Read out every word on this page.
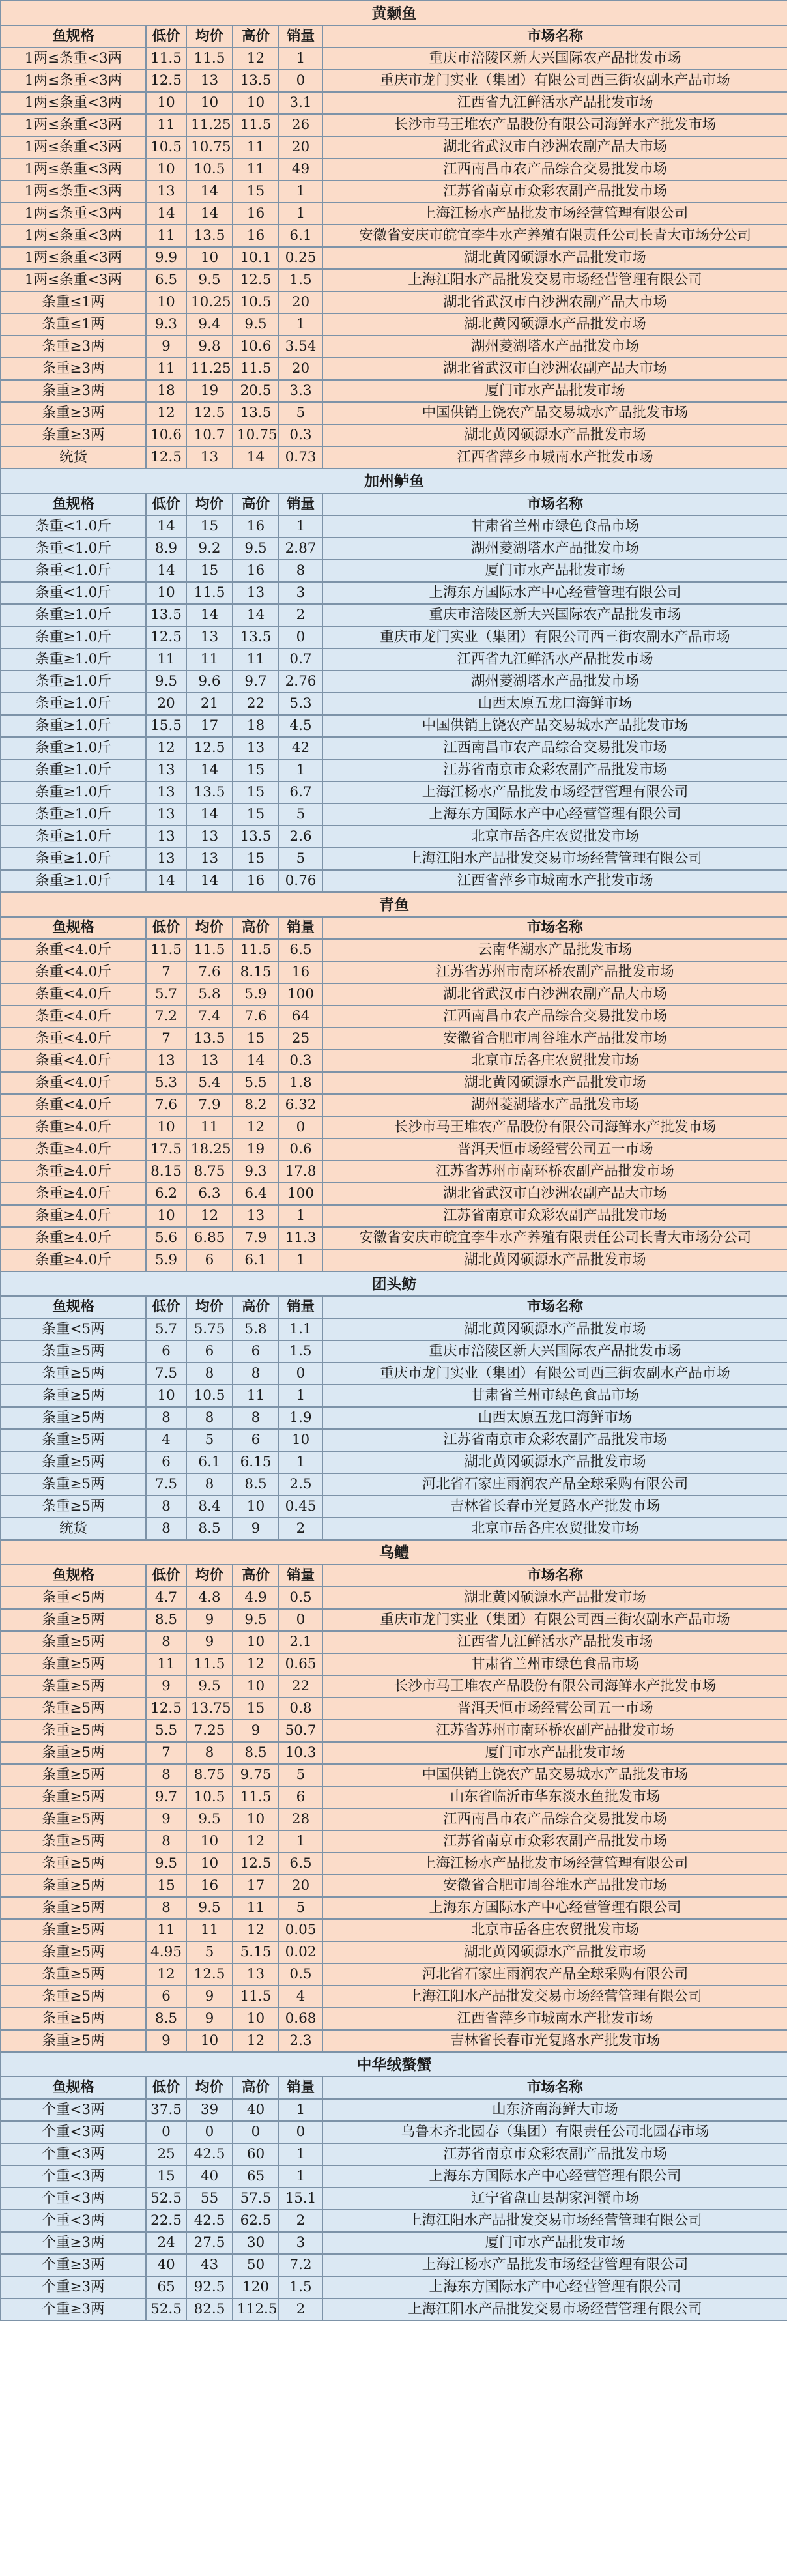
黄颡鱼					
鱼规格	低价	均价	高价	销量	市场名称
1两≤条重<3两	11.5	11.5	12	1	重庆市涪陵区新大兴国际农产品批发市场
1两≤条重<3两	12.5	13	13.5	0	重庆市龙门实业（集团）有限公司西三街农副水产品市场
1两≤条重<3两	10	10	10	3.1	江西省九江鲜活水产品批发市场
1两≤条重<3两	11	11.25	11.5	26	长沙市马王堆农产品股份有限公司海鲜水产批发市场
1两≤条重<3两	10.5	10.75	11	20	湖北省武汉市白沙洲农副产品大市场
1两≤条重<3两	10	10.5	11	49	江西南昌市农产品综合交易批发市场
1两≤条重<3两	13	14	15	1	江苏省南京市众彩农副产品批发市场
1两≤条重<3两	14	14	16	1	上海江杨水产品批发市场经营管理有限公司
1两≤条重<3两	11	13.5	16	6.1	安徽省安庆市皖宜李牛水产养殖有限责任公司长青大市场分公司
1两≤条重<3两	9.9	10	10.1	0.25	湖北黄冈硕源水产品批发市场
1两≤条重<3两	6.5	9.5	12.5	1.5	上海江阳水产品批发交易市场经营管理有限公司
条重≤1两	10	10.25	10.5	20	湖北省武汉市白沙洲农副产品大市场
条重≤1两	9.3	9.4	9.5	1	湖北黄冈硕源水产品批发市场
条重≥3两	9	9.8	10.6	3.54	湖州菱湖塔水产品批发市场
条重≥3两	11	11.25	11.5	20	湖北省武汉市白沙洲农副产品大市场
条重≥3两	18	19	20.5	3.3	厦门市水产品批发市场
条重≥3两	12	12.5	13.5	5	中国供销上饶农产品交易城水产品批发市场
条重≥3两	10.6	10.7	10.75	0.3	湖北黄冈硕源水产品批发市场
统货	12.5	13	14	0.73	江西省萍乡市城南水产批发市场
加州鲈鱼					
鱼规格	低价	均价	高价	销量	市场名称
条重<1.0斤	14	15	16	1	甘肃省兰州市绿色食品市场
条重<1.0斤	8.9	9.2	9.5	2.87	湖州菱湖塔水产品批发市场
条重<1.0斤	14	15	16	8	厦门市水产品批发市场
条重<1.0斤	10	11.5	13	3	上海东方国际水产中心经营管理有限公司
条重≥1.0斤	13.5	14	14	2	重庆市涪陵区新大兴国际农产品批发市场
条重≥1.0斤	12.5	13	13.5	0	重庆市龙门实业（集团）有限公司西三街农副水产品市场
条重≥1.0斤	11	11	11	0.7	江西省九江鲜活水产品批发市场
条重≥1.0斤	9.5	9.6	9.7	2.76	湖州菱湖塔水产品批发市场
条重≥1.0斤	20	21	22	5.3	山西太原五龙口海鲜市场
条重≥1.0斤	15.5	17	18	4.5	中国供销上饶农产品交易城水产品批发市场
条重≥1.0斤	12	12.5	13	42	江西南昌市农产品综合交易批发市场
条重≥1.0斤	13	14	15	1	江苏省南京市众彩农副产品批发市场
条重≥1.0斤	13	13.5	15	6.7	上海江杨水产品批发市场经营管理有限公司
条重≥1.0斤	13	14	15	5	上海东方国际水产中心经营管理有限公司
条重≥1.0斤	13	13	13.5	2.6	北京市岳各庄农贸批发市场
条重≥1.0斤	13	13	15	5	上海江阳水产品批发交易市场经营管理有限公司
条重≥1.0斤	14	14	16	0.76	江西省萍乡市城南水产批发市场
青鱼					
鱼规格	低价	均价	高价	销量	市场名称
条重<4.0斤	11.5	11.5	11.5	6.5	云南华潮水产品批发市场
条重<4.0斤	7	7.6	8.15	16	江苏省苏州市南环桥农副产品批发市场
条重<4.0斤	5.7	5.8	5.9	100	湖北省武汉市白沙洲农副产品大市场
条重<4.0斤	7.2	7.4	7.6	64	江西南昌市农产品综合交易批发市场
条重<4.0斤	7	13.5	15	25	安徽省合肥市周谷堆水产品批发市场
条重<4.0斤	13	13	14	0.3	北京市岳各庄农贸批发市场
条重<4.0斤	5.3	5.4	5.5	1.8	湖北黄冈硕源水产品批发市场
条重<4.0斤	7.6	7.9	8.2	6.32	湖州菱湖塔水产品批发市场
条重≥4.0斤	10	11	12	0	长沙市马王堆农产品股份有限公司海鲜水产批发市场
条重≥4.0斤	17.5	18.25	19	0.6	普洱天恒市场经营公司五一市场
条重≥4.0斤	8.15	8.75	9.3	17.8	江苏省苏州市南环桥农副产品批发市场
条重≥4.0斤	6.2	6.3	6.4	100	湖北省武汉市白沙洲农副产品大市场
条重≥4.0斤	10	12	13	1	江苏省南京市众彩农副产品批发市场
条重≥4.0斤	5.6	6.85	7.9	11.3	安徽省安庆市皖宜李牛水产养殖有限责任公司长青大市场分公司
条重≥4.0斤	5.9	6	6.1	1	湖北黄冈硕源水产品批发市场
团头鲂					
鱼规格	低价	均价	高价	销量	市场名称
条重<5两	5.7	5.75	5.8	1.1	湖北黄冈硕源水产品批发市场
条重≥5两	6	6	6	1.5	重庆市涪陵区新大兴国际农产品批发市场
条重≥5两	7.5	8	8	0	重庆市龙门实业（集团）有限公司西三街农副水产品市场
条重≥5两	10	10.5	11	1	甘肃省兰州市绿色食品市场
条重≥5两	8	8	8	1.9	山西太原五龙口海鲜市场
条重≥5两	4	5	6	10	江苏省南京市众彩农副产品批发市场
条重≥5两	6	6.1	6.15	1	湖北黄冈硕源水产品批发市场
条重≥5两	7.5	8	8.5	2.5	河北省石家庄雨润农产品全球采购有限公司
条重≥5两	8	8.4	10	0.45	吉林省长春市光复路水产批发市场
统货	8	8.5	9	2	北京市岳各庄农贸批发市场
乌鳢					
鱼规格	低价	均价	高价	销量	市场名称
条重<5两	4.7	4.8	4.9	0.5	湖北黄冈硕源水产品批发市场
条重≥5两	8.5	9	9.5	0	重庆市龙门实业（集团）有限公司西三街农副水产品市场
条重≥5两	8	9	10	2.1	江西省九江鲜活水产品批发市场
条重≥5两	11	11.5	12	0.65	甘肃省兰州市绿色食品市场
条重≥5两	9	9.5	10	22	长沙市马王堆农产品股份有限公司海鲜水产批发市场
条重≥5两	12.5	13.75	15	0.8	普洱天恒市场经营公司五一市场
条重≥5两	5.5	7.25	9	50.7	江苏省苏州市南环桥农副产品批发市场
条重≥5两	7	8	8.5	10.3	厦门市水产品批发市场
条重≥5两	8	8.75	9.75	5	中国供销上饶农产品交易城水产品批发市场
条重≥5两	9.7	10.5	11.5	6	山东省临沂市华东淡水鱼批发市场
条重≥5两	9	9.5	10	28	江西南昌市农产品综合交易批发市场
条重≥5两	8	10	12	1	江苏省南京市众彩农副产品批发市场
条重≥5两	9.5	10	12.5	6.5	上海江杨水产品批发市场经营管理有限公司
条重≥5两	15	16	17	20	安徽省合肥市周谷堆水产品批发市场
条重≥5两	8	9.5	11	5	上海东方国际水产中心经营管理有限公司
条重≥5两	11	11	12	0.05	北京市岳各庄农贸批发市场
条重≥5两	4.95	5	5.15	0.02	湖北黄冈硕源水产品批发市场
条重≥5两	12	12.5	13	0.5	河北省石家庄雨润农产品全球采购有限公司
条重≥5两	6	9	11.5	4	上海江阳水产品批发交易市场经营管理有限公司
条重≥5两	8.5	9	10	0.68	江西省萍乡市城南水产批发市场
条重≥5两	9	10	12	2.3	吉林省长春市光复路水产批发市场
中华绒螯蟹					
鱼规格	低价	均价	高价	销量	市场名称
个重<3两	37.5	39	40	1	山东济南海鲜大市场
个重<3两	0	0	0	0	乌鲁木齐北园春（集团）有限责任公司北园春市场
个重<3两	25	42.5	60	1	江苏省南京市众彩农副产品批发市场
个重<3两	15	40	65	1	上海东方国际水产中心经营管理有限公司
个重<3两	52.5	55	57.5	15.1	辽宁省盘山县胡家河蟹市场
个重<3两	22.5	42.5	62.5	2	上海江阳水产品批发交易市场经营管理有限公司
个重≥3两	24	27.5	30	3	厦门市水产品批发市场
个重≥3两	40	43	50	7.2	上海江杨水产品批发市场经营管理有限公司
个重≥3两	65	92.5	120	1.5	上海东方国际水产中心经营管理有限公司
个重≥3两	52.5	82.5	112.5	2	上海江阳水产品批发交易市场经营管理有限公司
